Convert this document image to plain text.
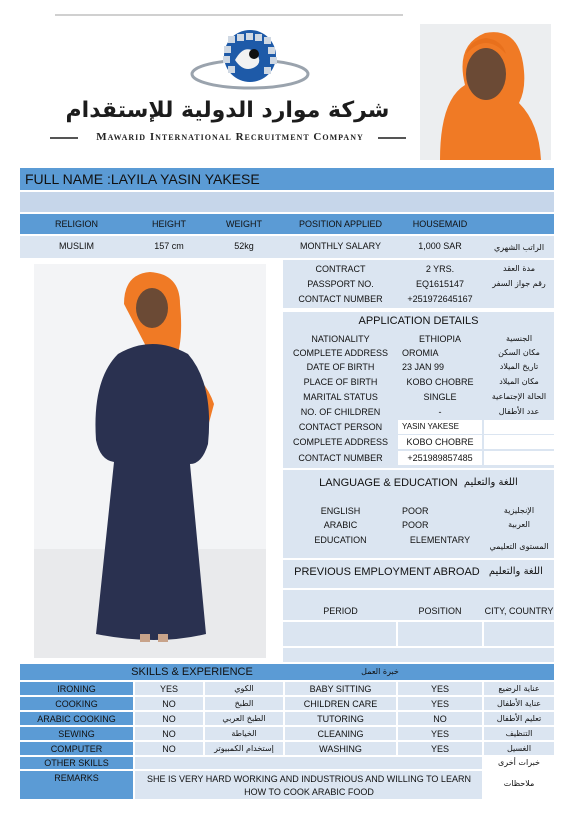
شركة موارد الدولية للإستقدام
Mawarid International Recruitment Company
FULL NAME :LAYILA YASIN YAKESE
RELIGION	HEIGHT	WEIGHT	POSITION APPLIED	HOUSEMAID
MUSLIM	157 cm	52kg	MONTHLY SALARY	1,000 SAR	الراتب الشهري
CONTRACT	2 YRS.	مدة العقد
PASSPORT NO.	EQ1615147	رقم جواز السفر
CONTACT NUMBER	+251972645167
APPLICATION DETAILS
NATIONALITY	ETHIOPIA	الجنسية
COMPLETE ADDRESS	OROMIA	مكان السكن
DATE OF BIRTH	23 JAN 99	تاريخ الميلاد
PLACE OF BIRTH	KOBO CHOBRE	مكان الميلاد
MARITAL STATUS	SINGLE	الحالة الإجتماعية
NO. OF CHILDREN	-	عدد الأطفال
CONTACT PERSON	YASIN YAKESE
COMPLETE ADDRESS	KOBO CHOBRE
CONTACT NUMBER	+251989857485
LANGUAGE & EDUCATION
اللغة والتعليم
ENGLISH	POOR	الإنجليزية
ARABIC	POOR	العربية
EDUCATION	ELEMENTARY
المستوى التعليمي
PREVIOUS EMPLOYMENT ABROAD
اللغة والتعليم
PERIOD	POSITION	CITY, COUNTRY
SKILLS & EXPERIENCE	خبرة العمل
IRONING	YES	الكوي	BABY SITTING	YES	عناية الرضيع
COOKING	NO	الطبخ	CHILDREN CARE	YES	عناية الأطفال
ARABIC COOKING	NO	الطبخ العربي	TUTORING	NO	تعليم الأطفال
SEWING	NO	الخياطة	CLEANING	YES	التنظيف
COMPUTER	NO	إستخدام الكمبيوتر	WASHING	YES	الغسيل
OTHER SKILLS	خبرات أخرى
REMARKS	SHE IS VERY HARD WORKING AND INDUSTRIOUS AND WILLING TO LEARN HOW TO COOK ARABIC FOOD
ملاحظات
